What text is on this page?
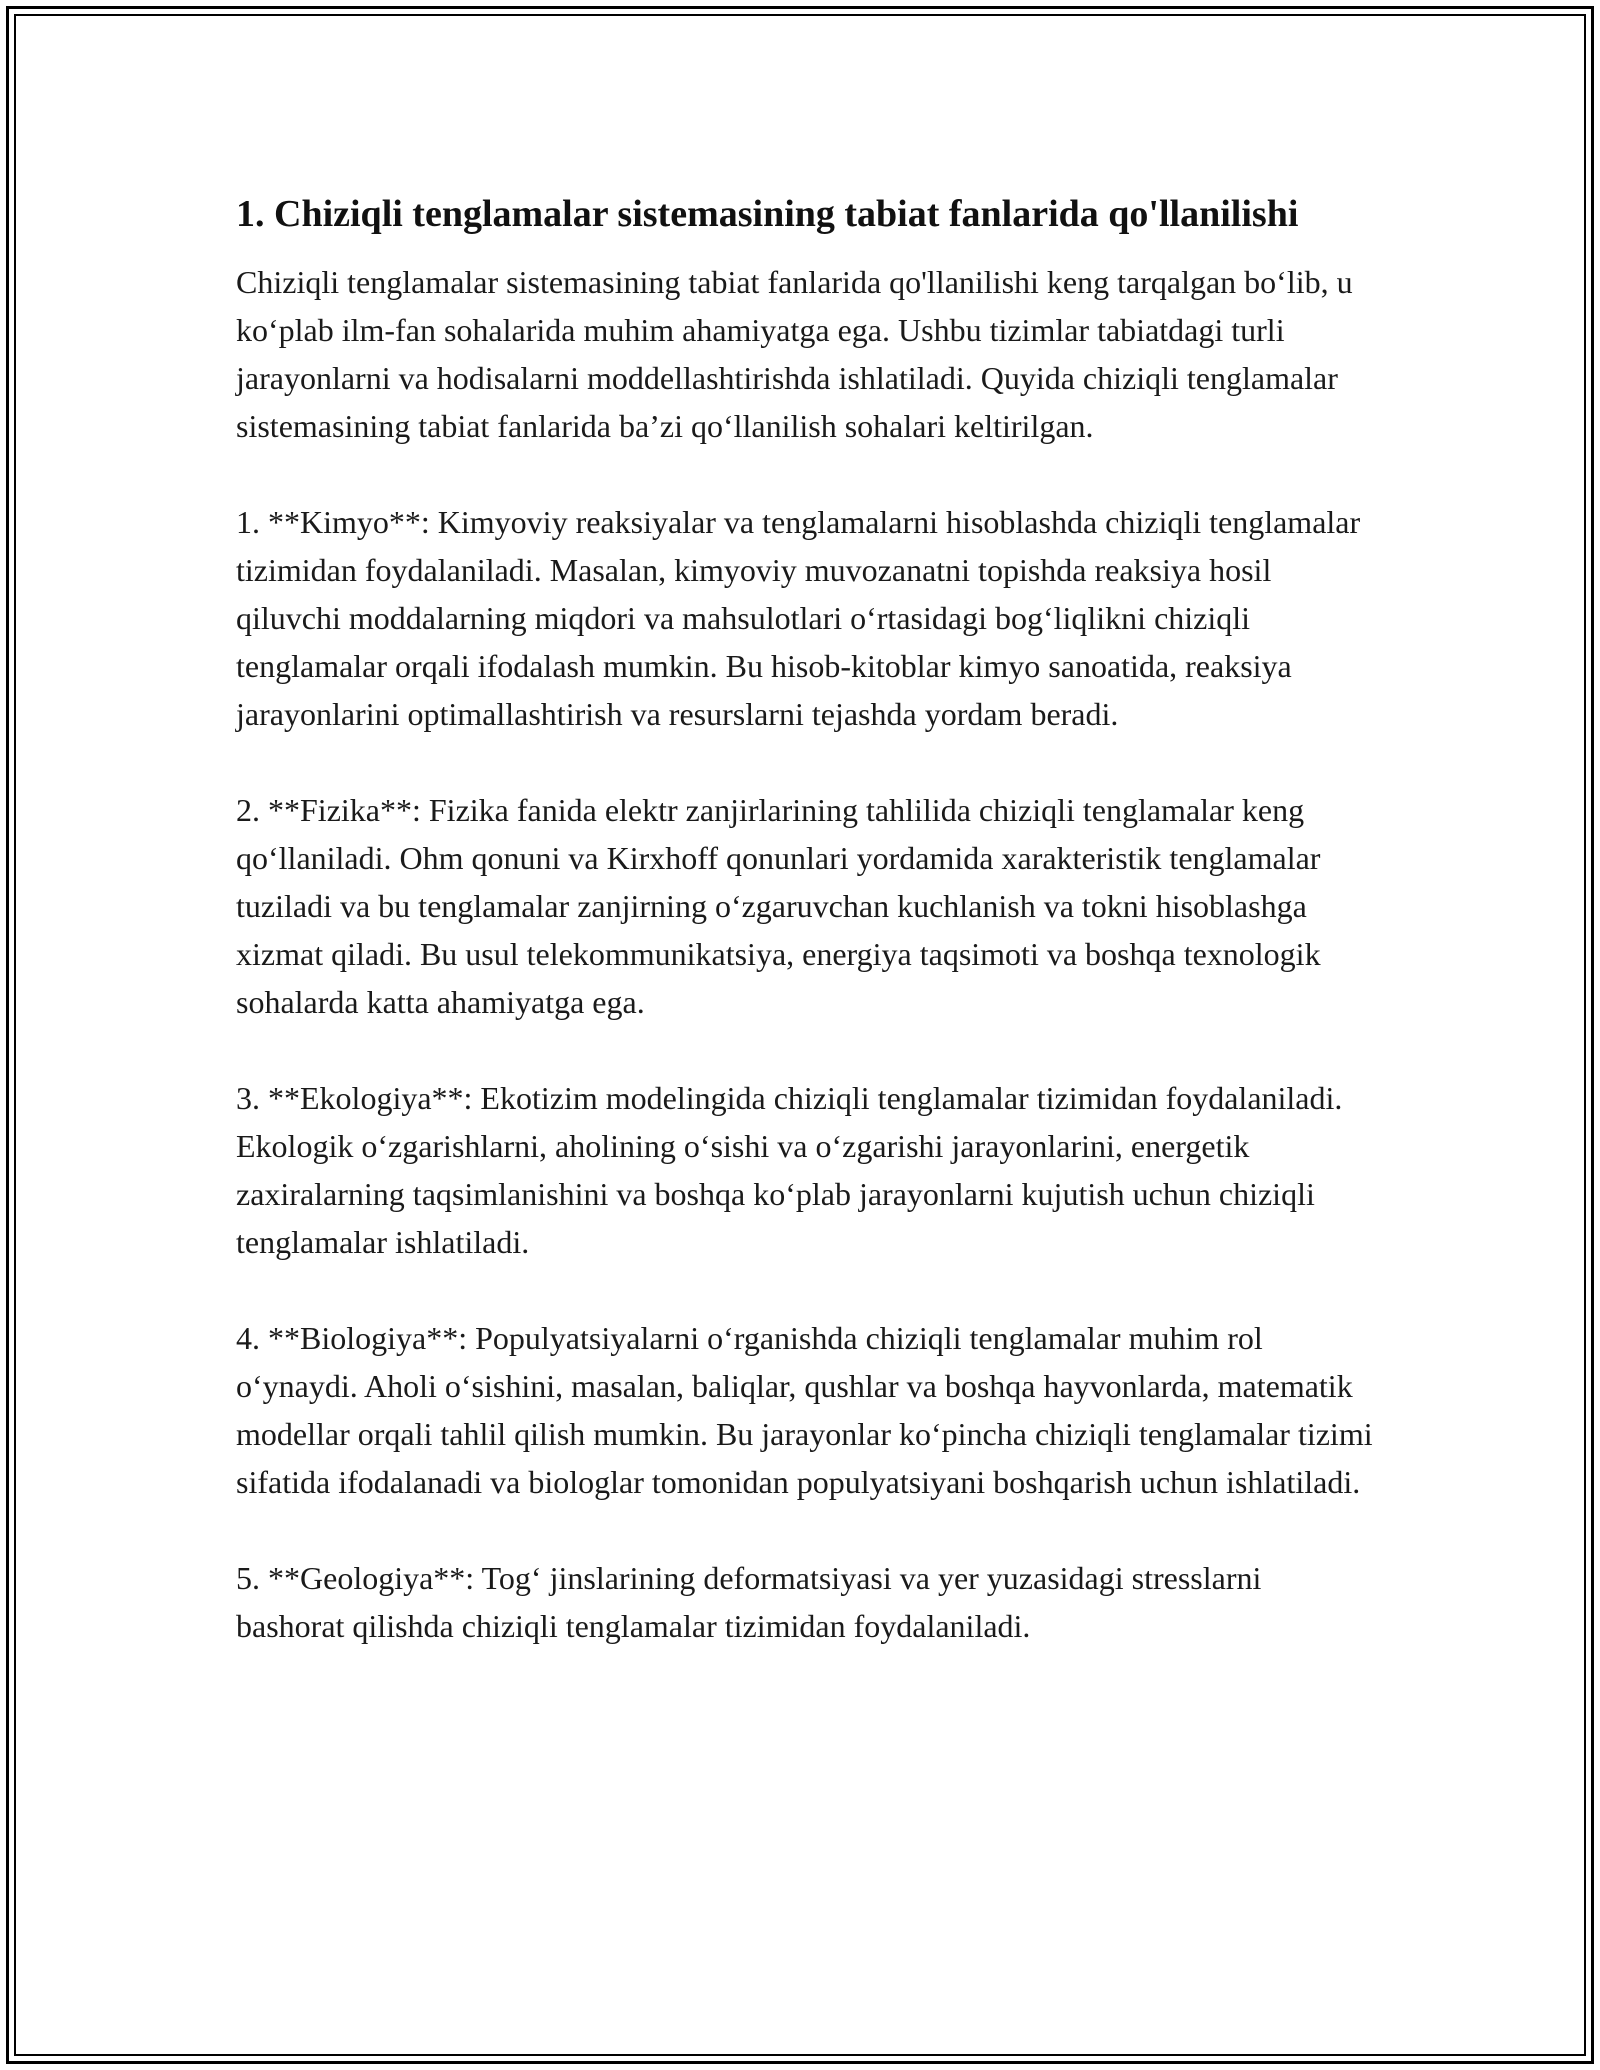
1. Chiziqli tenglamalar sistemasining tabiat fanlarida qo'llanilishi

Chiziqli tenglamalar sistemasining tabiat fanlarida qo'llanilishi keng tarqalgan bo‘lib, u ko‘plab ilm-fan sohalarida muhim ahamiyatga ega. Ushbu tizimlar tabiatdagi turli jarayonlarni va hodisalarni moddellashtirishda ishlatiladi. Quyida chiziqli tenglamalar sistemasining tabiat fanlarida ba’zi qo‘llanilish sohalari keltirilgan.

1. **Kimyo**: Kimyoviy reaksiyalar va tenglamalarni hisoblashda chiziqli tenglamalar tizimidan foydalaniladi. Masalan, kimyoviy muvozanatni topishda reaksiya hosil qiluvchi moddalarning miqdori va mahsulotlari o‘rtasidagi bog‘liqlikni chiziqli tenglamalar orqali ifodalash mumkin. Bu hisob-kitoblar kimyo sanoatida, reaksiya jarayonlarini optimallashtirish va resurslarni tejashda yordam beradi.

2. **Fizika**: Fizika fanida elektr zanjirlarining tahlilida chiziqli tenglamalar keng qo‘llaniladi. Ohm qonuni va Kirxhoff qonunlari yordamida xarakteristik tenglamalar tuziladi va bu tenglamalar zanjirning o‘zgaruvchan kuchlanish va tokni hisoblashga xizmat qiladi. Bu usul telekommunikatsiya, energiya taqsimoti va boshqa texnologik sohalarda katta ahamiyatga ega.

3. **Ekologiya**: Ekotizim modelingida chiziqli tenglamalar tizimidan foydalaniladi. Ekologik o‘zgarishlarni, aholining o‘sishi va o‘zgarishi jarayonlarini, energetik zaxiralarning taqsimlanishini va boshqa ko‘plab jarayonlarni kujutish uchun chiziqli tenglamalar ishlatiladi.

4. **Biologiya**: Populyatsiyalarni o‘rganishda chiziqli tenglamalar muhim rol o‘ynaydi. Aholi o‘sishini, masalan, baliqlar, qushlar va boshqa hayvonlarda, matematik modellar orqali tahlil qilish mumkin. Bu jarayonlar ko‘pincha chiziqli tenglamalar tizimi sifatida ifodalanadi va biologlar tomonidan populyatsiyani boshqarish uchun ishlatiladi.

5. **Geologiya**: Tog‘ jinslarining deformatsiyasi va yer yuzasidagi stresslarni bashorat qilishda chiziqli tenglamalar tizimidan foydalaniladi.
